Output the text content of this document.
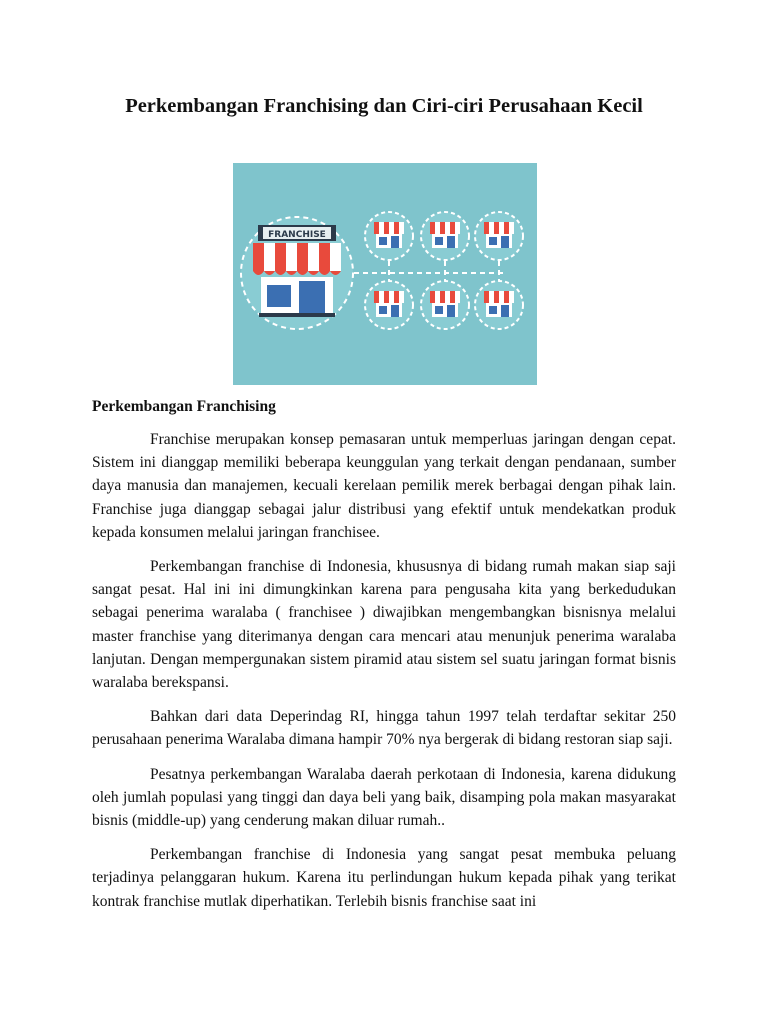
Perkembangan Franchising dan Ciri-ciri Perusahaan Kecil
FRANCHISE
Perkembangan Franchising

Franchise merupakan konsep pemasaran untuk memperluas jaringan dengan cepat. Sistem ini dianggap memiliki beberapa keunggulan yang terkait dengan pendanaan, sumber daya manusia dan manajemen, kecuali kerelaan pemilik merek berbagai dengan pihak lain. Franchise juga dianggap sebagai jalur distribusi yang efektif untuk mendekatkan produk kepada konsumen melalui jaringan franchisee.

Perkembangan franchise di Indonesia, khususnya di bidang rumah makan siap saji sangat pesat. Hal ini ini dimungkinkan karena para pengusaha kita yang berkedudukan sebagai penerima waralaba ( franchisee ) diwajibkan mengembangkan bisnisnya melalui master franchise yang diterimanya dengan cara mencari atau menunjuk penerima waralaba lanjutan. Dengan mempergunakan sistem piramid atau sistem sel suatu jaringan format bisnis waralaba berekspansi.

Bahkan dari data Deperindag RI, hingga tahun 1997 telah terdaftar sekitar 250 perusahaan penerima Waralaba dimana hampir 70% nya bergerak di bidang restoran siap saji.

Pesatnya perkembangan Waralaba daerah perkotaan di Indonesia, karena didukung oleh jumlah populasi yang tinggi dan daya beli yang baik, disamping pola makan masyarakat bisnis (middle-up) yang cenderung makan diluar rumah..

Perkembangan franchise di Indonesia yang sangat pesat membuka peluang terjadinya pelanggaran hukum. Karena itu perlindungan hukum kepada pihak yang terikat kontrak franchise mutlak diperhatikan. Terlebih bisnis franchise saat ini
